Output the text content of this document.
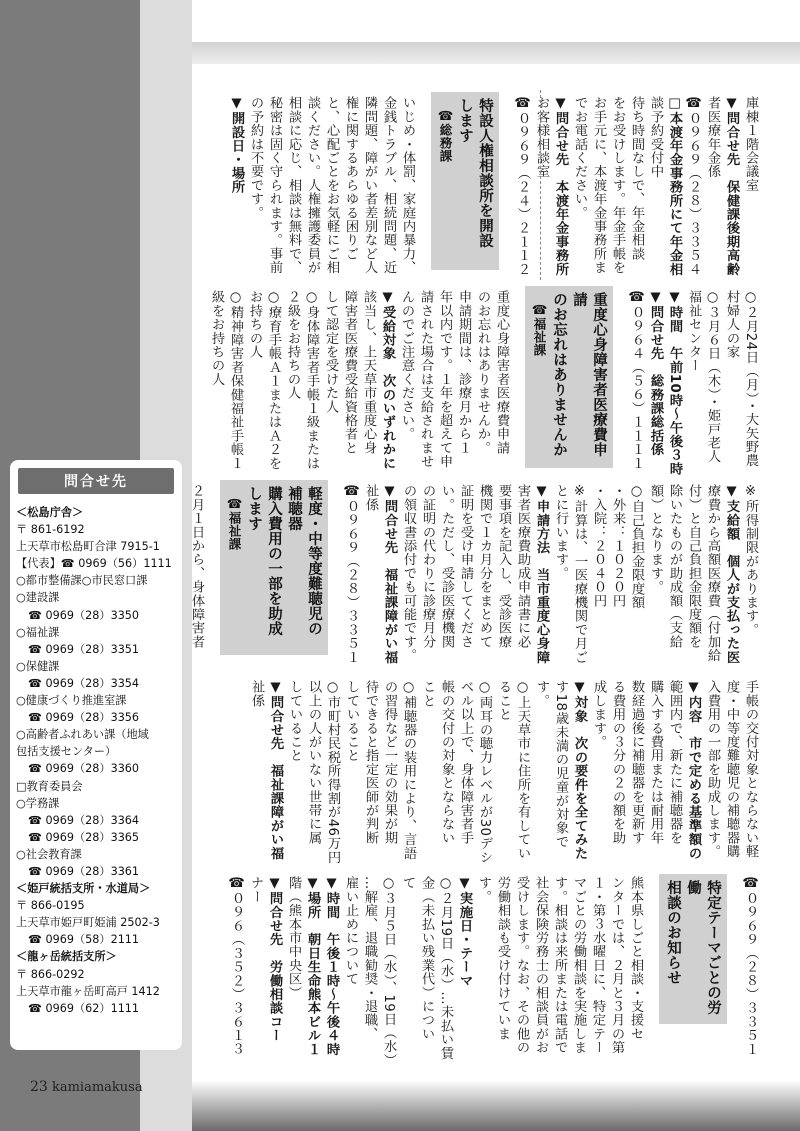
庫棟１階会議室

▼問合せ先　保健課後期高齢

者医療年金係

☎０９６９（２８）３３５４

□本渡年金事務所にて年金相

談予約受付中

待ち時間なしで、年金相談

をお受けします。年金手帳を

お手元に、本渡年金事務所ま

でお電話ください。

▼問合せ先　本渡年金事務所

お客様相談室

☎０９６９（２４）２１１２

特設人権相談所を開設

します

☎総務課

いじめ・体罰、家庭内暴力、

金銭トラブル、相続問題、近

隣問題、障がい者差別など人

権に関するあらゆる困りご

と、心配ごとをお気軽にご相

談ください。人権擁護委員が

相談に応じ、相談は無料で、

秘密は固く守られます。事前

の予約は不要です。

▼開設日・場所

○２月24日（月）・大矢野農

村婦人の家

○３月６日（木）・姫戸老人

福祉センター

▼時間　午前10時～午後３時

▼問合せ先　総務課総括係

☎０９６４（５６）１１１１

重度心身障害者医療費申請

のお忘れはありませんか

☎福祉課

重度心身障害者医療費申請

のお忘れはありませんか。

申請期間は、診療月から１

年以内です。１年を超えて申

請された場合は支給されませ

んのでご注意ください。

▼受給対象　次のいずれかに

該当し、上天草市重度心身

障害者医療費受給資格者と

して認定を受けた人

○身体障害者手帳１級または

２級をお持ちの人

○療育手帳Ａ１またはＡ２を

お持ちの人

○精神障害者保健福祉手帳１

級をお持ちの人

※所得制限があります。

▼支給額　個人が支払った医

療費から高額医療費（付加給

付）と自己負担金限度額を

除いたものが助成額（支給

額）となります。

○自己負担金限度額

・外来：１０２０円

・入院：２０４０円

※計算は、一医療機関で月ご

とに行います。

▼申請方法　当市重度心身障

害者医療費助成申請書に必

要事項を記入し、受診医療

機関で１カ月分をまとめて

証明を受け申請してくださ

い。ただし、受診医療機関

の証明の代わりに診療月分

の領収書添付でも可能です。

▼問合せ先　福祉課障がい福

祉係

☎０９６９（２８）３３５１

軽度・中等度難聴児の補聴器

購入費用の一部を助成します

☎福祉課

２月１日から、身体障害者

手帳の交付対象とならない軽

度・中等度難聴児の補聴器購

入費用の一部を助成します。

▼内容　市で定める基準額の

範囲内で、新たに補聴器を

購入する費用または耐用年

数経過後に補聴器を更新す

る費用の３分の２の額を助

成します。

▼対象　次の要件を全てみた

す18歳未満の児童が対象で

す。

○上天草市に住所を有してい

ること

○両耳の聴力レベルが30デシ

ベル以上で、身体障害者手

帳の交付の対象とならない

こと

○補聴器の装用により、言語

の習得など一定の効果が期

待できると指定医師が判断

していること

○市町村民税所得割が46万円

以上の人がいない世帯に属

していること

▼問合せ先　福祉課障がい福

祉係

☎０９６９（２８）３３５１

特定テーマごとの労働

相談のお知らせ

熊本県しごと相談・支援セ

ンターでは、２月と３月の第

１・第３水曜日に、特定テー

マごとの労働相談を実施しま

す。相談は来所または電話で

社会保険労務士の相談員がお

受けします。なお、その他の

労働相談も受け付けていま

す。

▼実施日・テーマ

○２月19日（水）…未払い賃

金（未払い残業代）につい

て

○３月５日（水）、19日（水）

…解雇、退職勧奨・退職、

雇い止めについて

▼時間　午後１時～午後４時

▼場所　朝日生命熊本ビル１

階（熊本市中央区）

▼問合せ先　労働相談コー

ナー

☎０９６（３５２）３６１３

問合せ先
＜松島庁舎＞
〒 861-6192
上天草市松島町合津 7915-1
【代表】☎ 0969（56）1111
○都市整備課○市民窓口課
○建設課
☎ 0969（28）3350
○福祉課
☎ 0969（28）3351
○保健課
☎ 0969（28）3354
○健康づくり推進室課
☎ 0969（28）3356
○高齢者ふれあい課（地域
包括支援センター）
☎ 0969（28）3360
□教育委員会
○学務課
☎ 0969（28）3364
☎ 0969（28）3365
○社会教育課
☎ 0969（28）3361
＜姫戸統括支所・水道局＞
〒 866-0195
上天草市姫戸町姫浦 2502-3
☎ 0969（58）2111
＜龍ヶ岳統括支所＞
〒 866-0292
上天草市龍ヶ岳町高戸 1412
☎ 0969（62）1111
23 kamiamakusa
